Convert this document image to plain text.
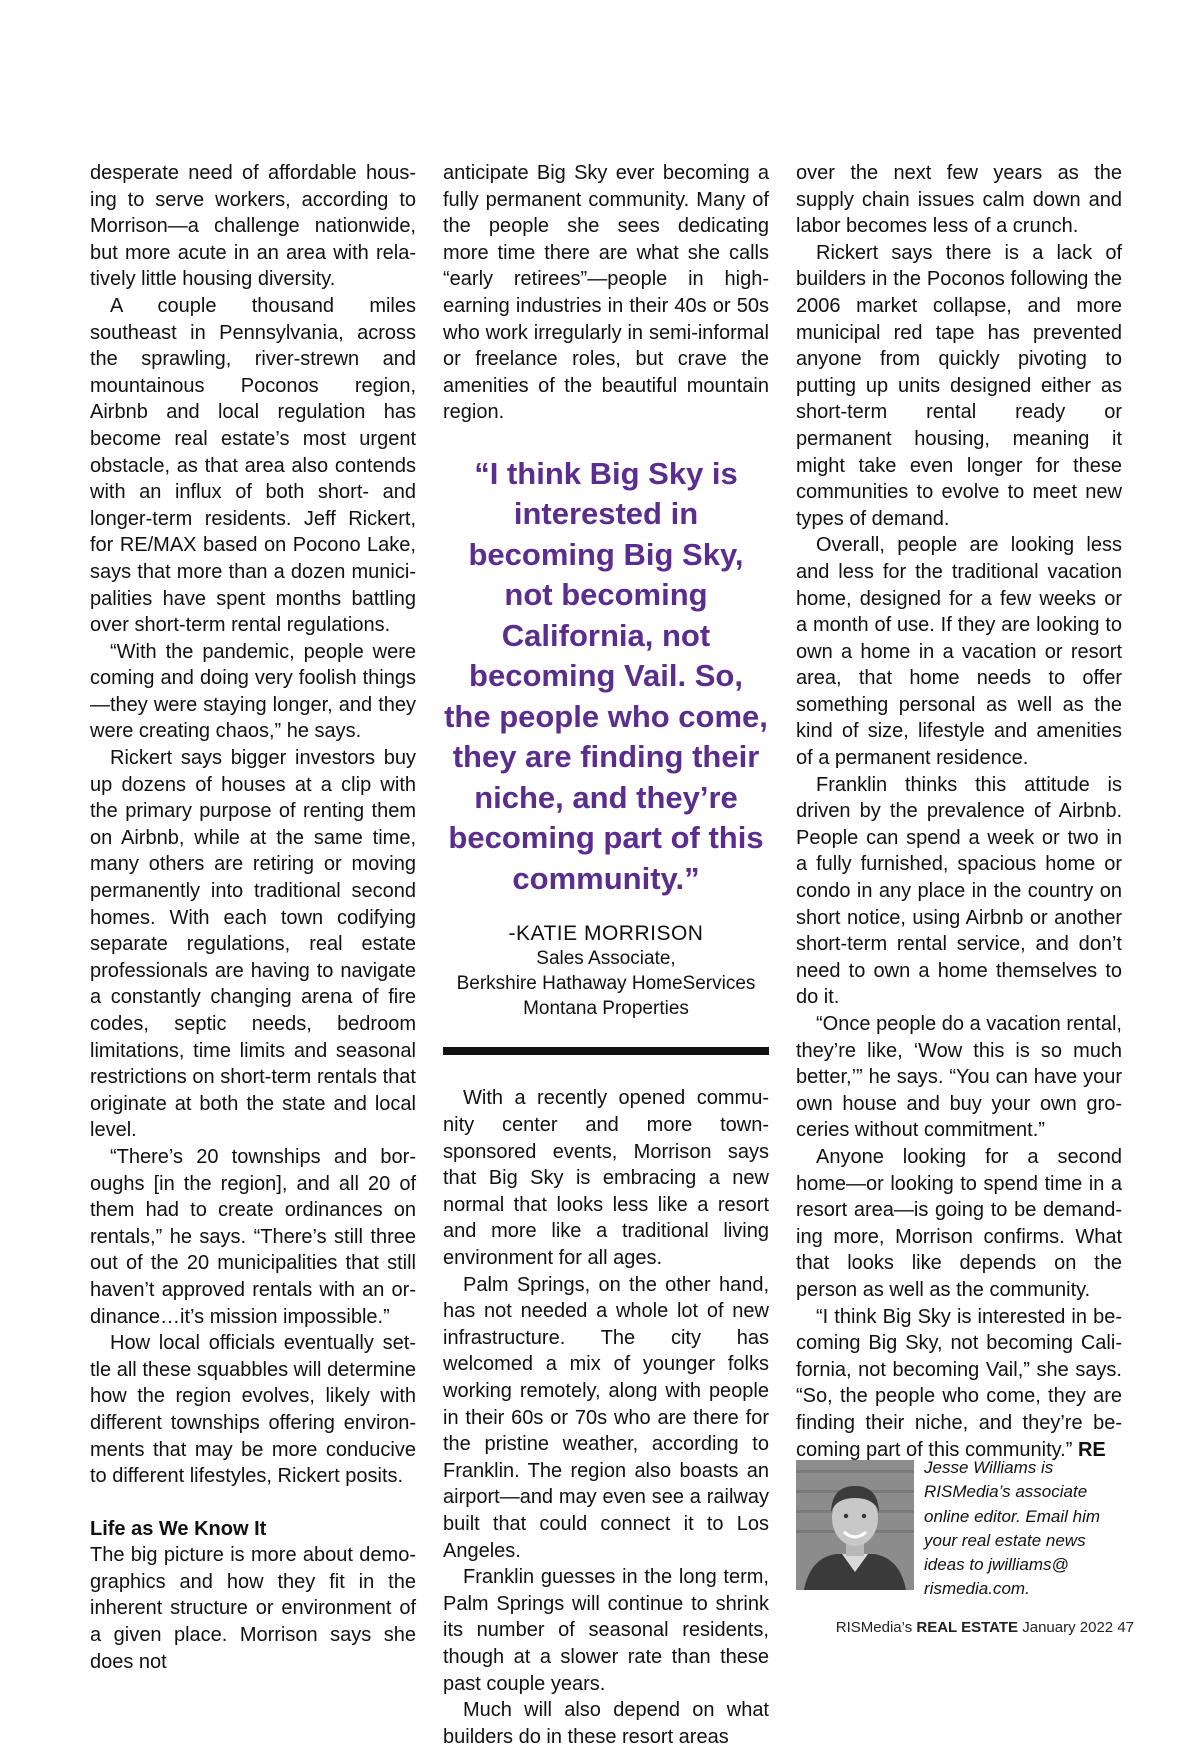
desperate need of affordable housing to serve workers, according to Morrison—a challenge nationwide, but more acute in an area with relatively little housing diversity.

A couple thousand miles southeast in Pennsylvania, across the sprawling, river-strewn and mountainous Poconos region, Airbnb and local regulation has become real estate’s most urgent obstacle, as that area also contends with an influx of both short- and longer-term residents. Jeff Rickert, for RE/MAX based on Pocono Lake, says that more than a dozen municipalities have spent months battling over short-term rental regulations.

“With the pandemic, people were coming and doing very foolish things—they were staying longer, and they were creating chaos,” he says.

Rickert says bigger investors buy up dozens of houses at a clip with the primary purpose of renting them on Airbnb, while at the same time, many others are retiring or moving permanently into traditional second homes. With each town codifying separate regulations, real estate professionals are having to navigate a constantly changing arena of fire codes, septic needs, bedroom limitations, time limits and seasonal restrictions on short-term rentals that originate at both the state and local level.

“There’s 20 townships and boroughs [in the region], and all 20 of them had to create ordinances on rentals,” he says. “There’s still three out of the 20 municipalities that still haven’t approved rentals with an ordinance…it’s mission impossible.”

How local officials eventually settle all these squabbles will determine how the region evolves, likely with different townships offering environments that may be more conducive to different lifestyles, Rickert posits.

Life as We Know It

The big picture is more about demographics and how they fit in the inherent structure or environment of a given place. Morrison says she does not

anticipate Big Sky ever becoming a fully permanent community. Many of the people she sees dedicating more time there are what she calls “early retirees”—people in high-earning industries in their 40s or 50s who work irregularly in semi-informal or freelance roles, but crave the amenities of the beautiful mountain region.

“I think Big Sky is interested in becoming Big Sky, not becoming California, not becoming Vail. So, the people who come, they are finding their niche, and they’re becoming part of this community.”
-KATIE MORRISON
Sales Associate,
Berkshire Hathaway HomeServices
Montana Properties

With a recently opened community center and more town-sponsored events, Morrison says that Big Sky is embracing a new normal that looks less like a resort and more like a traditional living environment for all ages.

Palm Springs, on the other hand, has not needed a whole lot of new infrastructure. The city has welcomed a mix of younger folks working remotely, along with people in their 60s or 70s who are there for the pristine weather, according to Franklin. The region also boasts an airport—and may even see a railway built that could connect it to Los Angeles.

Franklin guesses in the long term, Palm Springs will continue to shrink its number of seasonal residents, though at a slower rate than these past couple years.

Much will also depend on what builders do in these resort areas

over the next few years as the supply chain issues calm down and labor becomes less of a crunch.

Rickert says there is a lack of builders in the Poconos following the 2006 market collapse, and more municipal red tape has prevented anyone from quickly pivoting to putting up units designed either as short-term rental ready or permanent housing, meaning it might take even longer for these communities to evolve to meet new types of demand.

Overall, people are looking less and less for the traditional vacation home, designed for a few weeks or a month of use. If they are looking to own a home in a vacation or resort area, that home needs to offer something personal as well as the kind of size, lifestyle and amenities of a permanent residence.

Franklin thinks this attitude is driven by the prevalence of Airbnb. People can spend a week or two in a fully furnished, spacious home or condo in any place in the country on short notice, using Airbnb or another short-term rental service, and don’t need to own a home themselves to do it.

“Once people do a vacation rental, they’re like, ‘Wow this is so much better,’” he says. “You can have your own house and buy your own groceries without commitment.”

Anyone looking for a second home—or looking to spend time in a resort area—is going to be demanding more, Morrison confirms. What that looks like depends on the person as well as the community.

“I think Big Sky is interested in becoming Big Sky, not becoming California, not becoming Vail,” she says. “So, the people who come, they are finding their niche, and they’re becoming part of this community.” RE

Jesse Williams is RISMedia’s associate online editor. Email him your real estate news ideas to jwilliams@ rismedia.com.
RISMedia’s REAL ESTATE January 2022 47
